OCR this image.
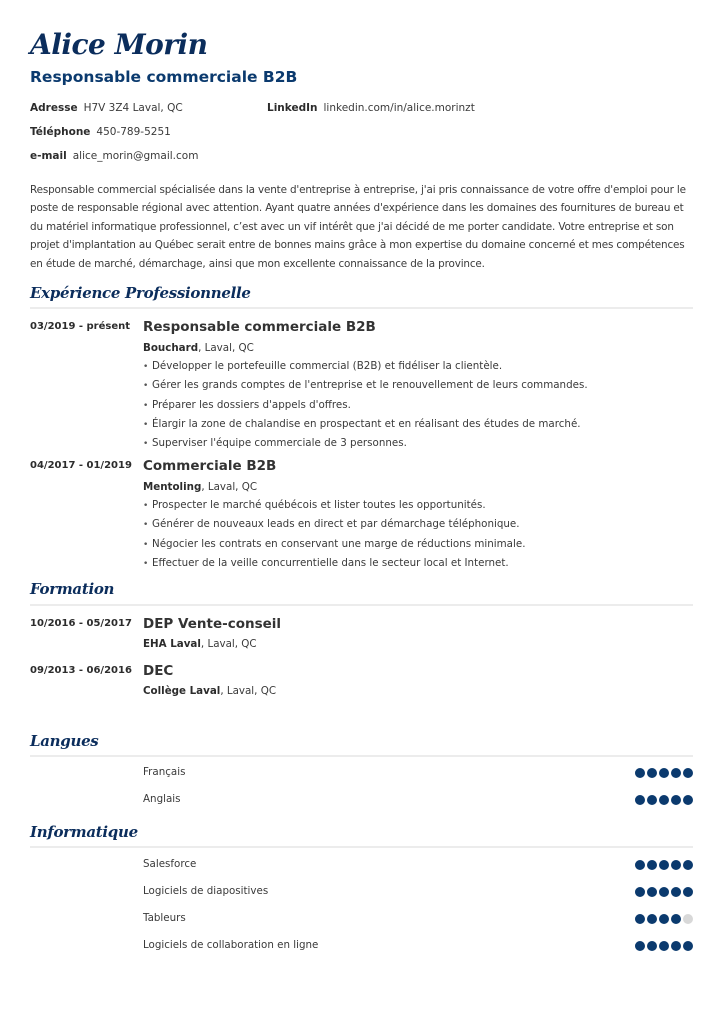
Alice Morin
Responsable commerciale B2B
Adresse H7V 3Z4 Laval, QC	LinkedIn linkedin.com/in/alice.morinzt
Téléphone 450-789-5251
e-mail alice_morin@gmail.com
Responsable commercial spécialisée dans la vente d'entreprise à entreprise, j'ai pris connaissance de votre offre d'emploi pour le poste de responsable régional avec attention. Ayant quatre années d'expérience dans les domaines des fournitures de bureau et du matériel informatique professionnel, c’est avec un vif intérêt que j'ai décidé de me porter candidate. Votre entreprise et son projet d'implantation au Québec serait entre de bonnes mains grâce à mon expertise du domaine concerné et mes compétences en étude de marché, démarchage, ainsi que mon excellente connaissance de la province.
Expérience Professionnelle
03/2019 - présent Responsable commerciale B2B
Bouchard, Laval, QC
• Développer le portefeuille commercial (B2B) et fidéliser la clientèle.
• Gérer les grands comptes de l'entreprise et le renouvellement de leurs commandes.
• Préparer les dossiers d'appels d'offres.
• Élargir la zone de chalandise en prospectant et en réalisant des études de marché.
• Superviser l'équipe commerciale de 3 personnes.
04/2017 - 01/2019 Commerciale B2B
Mentoling, Laval, QC
• Prospecter le marché québécois et lister toutes les opportunités.
• Générer de nouveaux leads en direct et par démarchage téléphonique.
• Négocier les contrats en conservant une marge de réductions minimale.
• Effectuer de la veille concurrentielle dans le secteur local et Internet.
Formation
10/2016 - 05/2017 DEP Vente-conseil
EHA Laval, Laval, QC
09/2013 - 06/2016 DEC
Collège Laval, Laval, QC
Langues
Français
Anglais
Informatique
Salesforce
Logiciels de diapositives
Tableurs
Logiciels de collaboration en ligne
